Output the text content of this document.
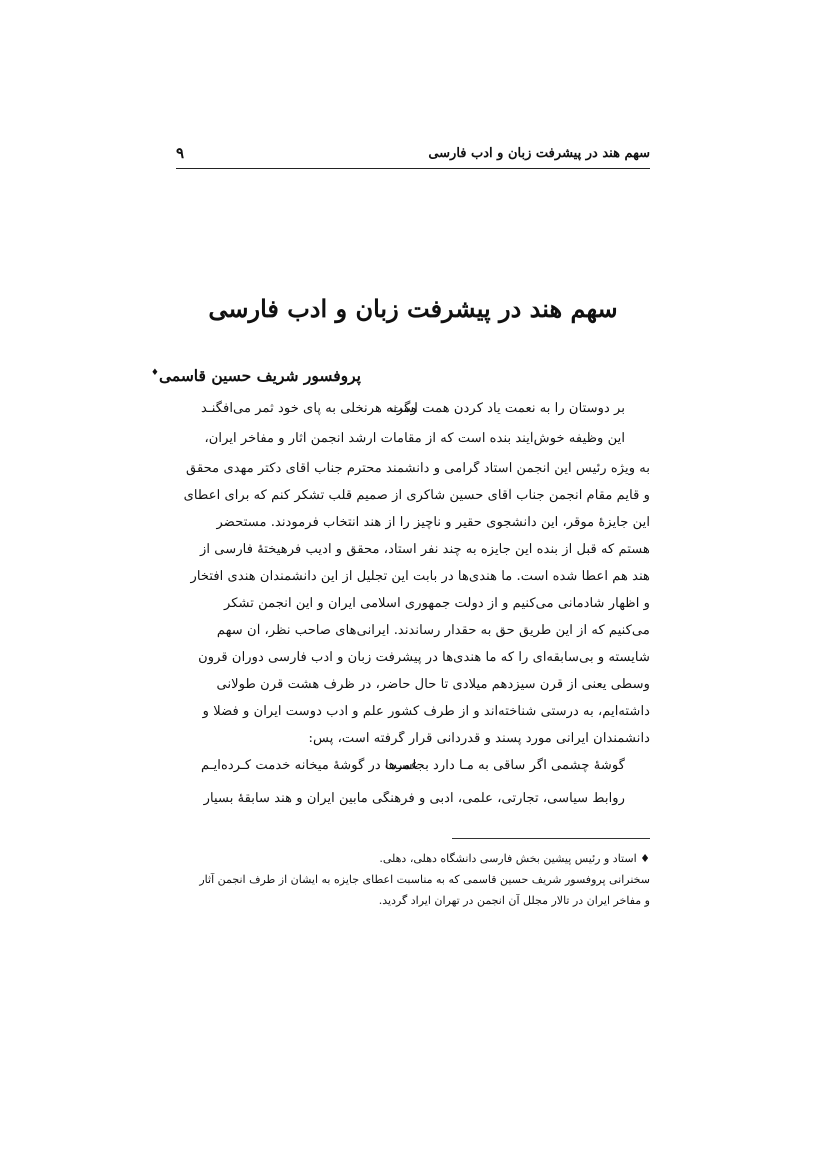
سهم هند در پیشرفت زبان و ادب فارسی
۹
سهم هند در پیشرفت زبان و ادب فارسی
پروفسور شریف حسین قاسمی♦
بر دوستان را به نعمت یاد کردن همت است
وگرنه هرنخلی به پای خود ثمر می‌افگنـد
این وظیفه خوش‌آیند بنده است که از مقامات ارشد انجمن آثار و مفاخر ایران،
به ویژه رئیس این انجمن استاد گرامی و دانشمند محترم جناب آقای دکتر مهدی محقق
و قایم مقام انجمن جناب آقای حسین شاکری از صمیم قلب تشکر کنم که برای اعطای
این جایزهٔ موقر، این دانشجوی حقیر و ناچیز را از هند انتخاب فرمودند. مستحضر
هستم که قبل از بنده این جایزه به چند نفر استاد، محقق و ادیب فرهیختهٔ فارسی از
هند هم اعطا شده است. ما هندی‌ها در بابت این تجلیل از این دانشمندان هندی افتخار
و اظهار شادمانی می‌کنیم و از دولت جمهوری اسلامی ایران و این انجمن تشکر
می‌کنیم که از این طریق حق به حقدار رساندند. ایرانی‌های صاحب نظر، آن سهم
شایسته و بی‌سابقه‌ای را که ما هندی‌ها در پیشرفت زبان و ادب فارسی دوران قرون
وسطی یعنی از قرن سیزدهم میلادی تا حال حاضر، در ظرف هشت قرن طولانی
داشته‌ایم، به درستی شناخته‌اند و از طرف کشور علم و ادب دوست ایران و فضلا و
دانشمندان ایرانی مورد پسند و قدردانی قرار گرفته است، پس:
گوشهٔ چشمی اگر ساقی به مـا دارد بجاسـت
عمرها در گوشهٔ میخانه خدمت کـرده‌ایـم
روابط سیاسی، تجارتی، علمی، ادبی و فرهنگی مابین ایران و هند سابقهٔ بسیار
♦ استاد و رئیس پیشین بخش فارسی دانشگاه دهلی، دهلی.
سخنرانی پروفسور شریف حسین قاسمی که به مناسبت اعطای جایزه به ایشان از طرف انجمن آثار
و مفاخر ایران در تالار مجلل آن انجمن در تهران ایراد گردید.
